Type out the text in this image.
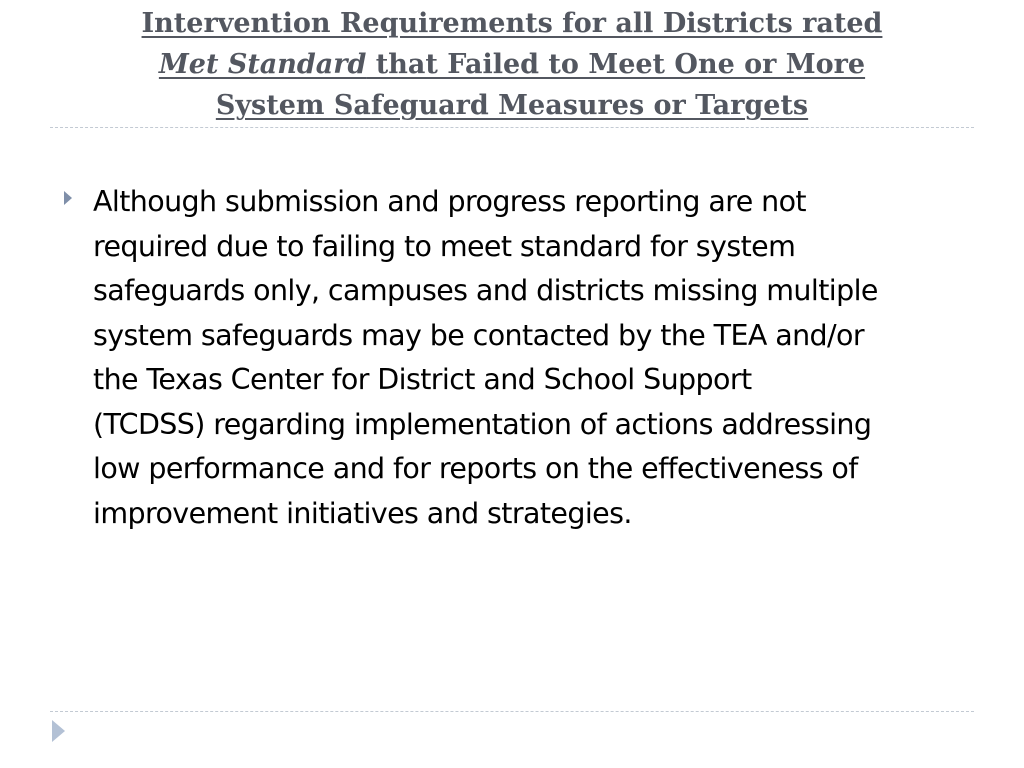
Intervention Requirements for all Districts rated
Met Standard that Failed to Meet One or More
System Safeguard Measures or Targets
Although submission and progress reporting are not
required due to failing to meet standard for system
safeguards only, campuses and districts missing multiple
system safeguards may be contacted by the TEA and/or
the Texas Center for District and School Support
(TCDSS) regarding implementation of actions addressing
low performance and for reports on the effectiveness of
improvement initiatives and strategies.
